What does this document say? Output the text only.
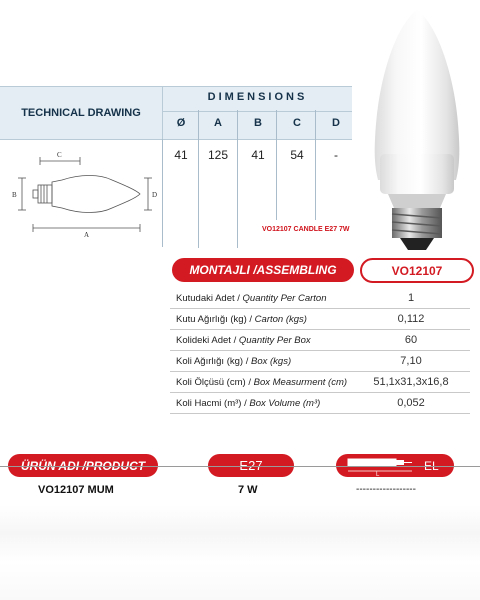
TECHNICAL DRAWING
DIMENSIONS
Ø	A	B	C	D
41	125	41	54	-
C
B	D
A
VO12107 CANDLE E27 7W
MONTAJLI / ASSEMBLING	VO12107
Kutudaki Adet / Quantity Per Carton	1
Kutu Ağırlığı (kg) / Carton (kgs)	0,112
Kolideki Adet / Quantity Per Box	60
Koli Ağırlığı (kg) / Box (kgs)	7,10
Koli Ölçüsü (cm) / Box Measurment (cm)	51,1x31,3x16,8
Koli Hacmi (m³) / Box Volume (m³)	0,052
ÜRÜN ADI / PRODUCT	E27
L
EL
VO12107 MUM	7 W	------------------
